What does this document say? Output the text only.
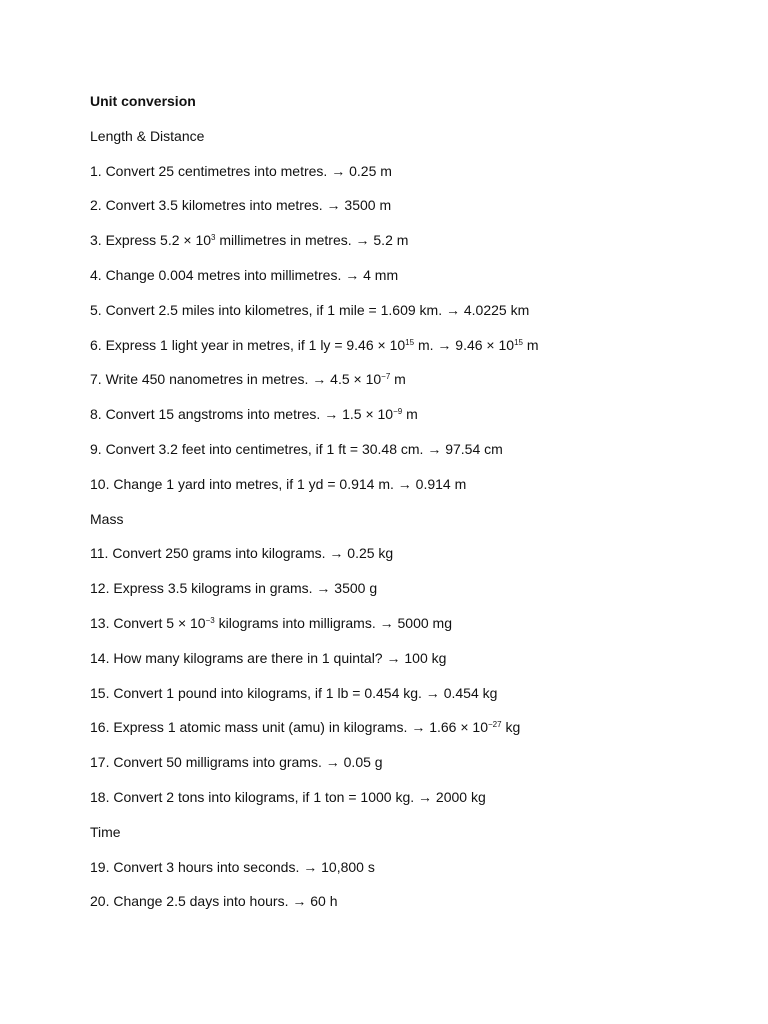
Unit conversion
Length & Distance
1. Convert 25 centimetres into metres. → 0.25 m
2. Convert 3.5 kilometres into metres. → 3500 m
3. Express $5.2 \times 10^3$ millimetres in metres. → 5.2 m
4. Change 0.004 metres into millimetres. → 4 mm
5. Convert 2.5 miles into kilometres, if 1 mile = 1.609 km. → 4.0225 km
6. Express 1 light year in metres, if 1 ly = $9.46 \times 10^{15}$ m. → $9.46 \times 10^{15}$ m
7. Write 450 nanometres in metres. → $4.5 \times 10^{-7}$ m
8. Convert 15 angstroms into metres. → $1.5 \times 10^{-9}$ m
9. Convert 3.2 feet into centimetres, if 1 ft = 30.48 cm. → 97.54 cm
10. Change 1 yard into metres, if 1 yd = 0.914 m. → 0.914 m
Mass
11. Convert 250 grams into kilograms. → 0.25 kg
12. Express 3.5 kilograms in grams. → 3500 g
13. Convert $5 \times 10^{-3}$ kilograms into milligrams. → 5000 mg
14. How many kilograms are there in 1 quintal? → 100 kg
15. Convert 1 pound into kilograms, if 1 lb = 0.454 kg. → 0.454 kg
16. Express 1 atomic mass unit (amu) in kilograms. → $1.66 \times 10^{-27}$ kg
17. Convert 50 milligrams into grams. → 0.05 g
18. Convert 2 tons into kilograms, if 1 ton = 1000 kg. → 2000 kg
Time
19. Convert 3 hours into seconds. → 10,800 s
20. Change 2.5 days into hours. → 60 h
